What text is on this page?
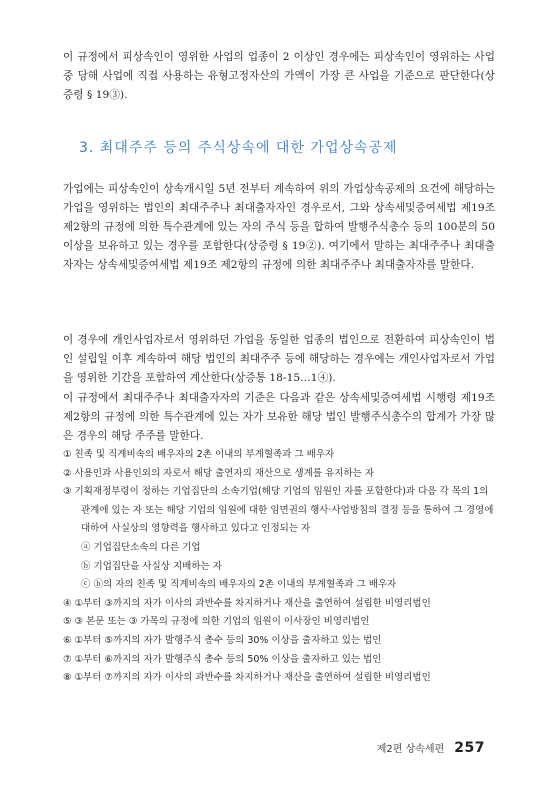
이 규정에서 피상속인이 영위한 사업의 업종이 2 이상인 경우에는 피상속인이 영위하는 사업 중 당해 사업에 직접 사용하는 유형고정자산의 가액이 가장 큰 사업을 기준으로 판단한다(상증령 § 19③).

3. 최대주주 등의 주식상속에 대한 가업상속공제

가업에는 피상속인이 상속개시일 5년 전부터 계속하여 위의 가업상속공제의 요건에 해당하는 가업을 영위하는 법인의 최대주주나 최대출자자인 경우로서, 그와 상속세및증여세법 제19조 제2항의 규정에 의한 특수관계에 있는 자의 주식 등을 합하여 발행주식총수 등의 100분의 50 이상을 보유하고 있는 경우를 포함한다(상증령 § 19②). 여기에서 말하는 최대주주나 최대출자자는 상속세및증여세법 제19조 제2항의 규정에 의한 최대주주나 최대출자자를 말한다.

이 경우에 개인사업자로서 영위하던 가업을 동일한 업종의 법인으로 전환하여 피상속인이 법인 설립일 이후 계속하여 해당 법인의 최대주주 등에 해당하는 경우에는 개인사업자로서 가업을 영위한 기간을 포함하여 계산한다(상증통 18-15…1④).

이 규정에서 최대주주나 최대출자자의 기준은 다음과 같은 상속세및증여세법 시행령 제19조 제2항의 규정에 의한 특수관계에 있는 자가 보유한 해당 법인 발행주식총수의 합계가 가장 많은 경우의 해당 주주를 말한다.

① 친족 및 직계비속의 배우자의 2촌 이내의 부계혈족과 그 배우자
② 사용인과 사용인외의 자로서 해당 출연자의 재산으로 생계를 유지하는 자
③ 기획재정부령이 정하는 기업집단의 소속기업(해당 기업의 임원인 자를 포함한다)과 다음 각 목의 1의 관계에 있는 자 또는 해당 기업의 임원에 대한 임면권의 행사·사업방침의 결정 등을 통하여 그 경영에 대하여 사실상의 영향력을 행사하고 있다고 인정되는 자
ⓐ 기업집단소속의 다른 기업
ⓑ 기업집단을 사실상 지배하는 자
ⓒ ⓑ의 자의 친족 및 직계비속의 배우자의 2촌 이내의 부계혈족과 그 배우자
④ ①부터 ③까지의 자가 이사의 과반수를 차지하거나 재산을 출연하여 설립한 비영리법인
⑤ ③ 본문 또는 ③ 가목의 규정에 의한 기업의 임원이 이사장인 비영리법인
⑥ ①부터 ⑤까지의 자가 발행주식 총수 등의 30% 이상을 출자하고 있는 법인
⑦ ①부터 ⑥까지의 자가 발행주식 총수 등의 50% 이상을 출자하고 있는 법인
⑧ ①부터 ⑦까지의 자가 이사의 과반수를 차지하거나 재산을 출연하여 설립한 비영리법인
제2편 상속세편 257
